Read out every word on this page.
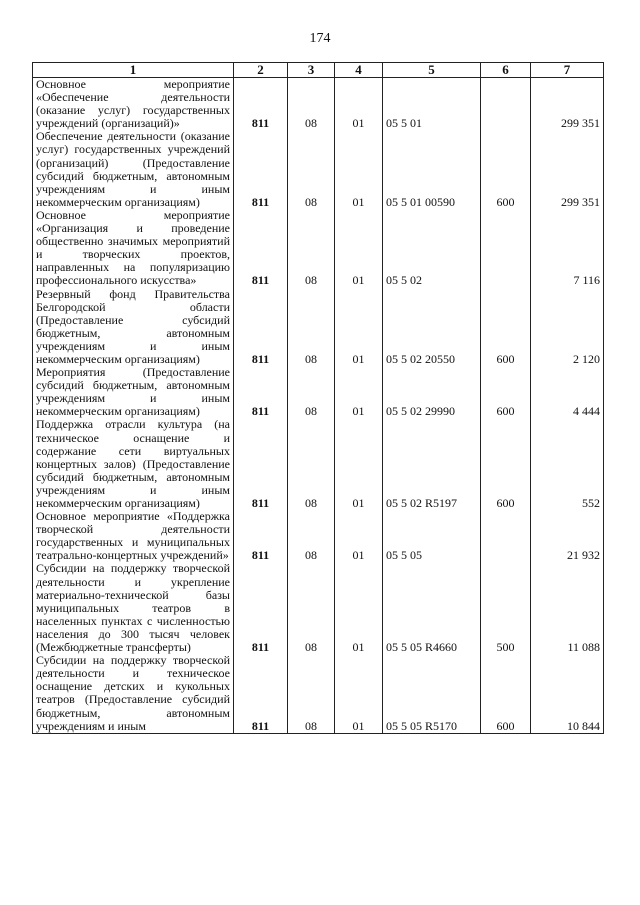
174
1	2	3	4	5	6	7
Основное мероприятие «Обеспечение деятельности (оказание услуг) государственных учреждений (организаций)»	811	08	01	05 5 01		299 351
Обеспечение деятельности (оказание услуг) государственных учреждений (организаций) (Предоставление субсидий бюджетным, автономным учреждениям и иным некоммерческим организациям)	811	08	01	05 5 01 00590	600	299 351
Основное мероприятие «Организация и проведение общественно значимых мероприятий и творческих проектов, направленных на популяризацию профессионального искусства»	811	08	01	05 5 02		7 116
Резервный фонд Правительства Белгородской области (Предоставление субсидий бюджетным, автономным учреждениям и иным некоммерческим организациям)	811	08	01	05 5 02 20550	600	2 120
Мероприятия (Предоставление субсидий бюджетным, автономным учреждениям и иным некоммерческим организациям)	811	08	01	05 5 02 29990	600	4 444
Поддержка отрасли культура (на техническое оснащение и содержание сети виртуальных концертных залов) (Предоставление субсидий бюджетным, автономным учреждениям и иным некоммерческим организациям)	811	08	01	05 5 02 R5197	600	552
Основное мероприятие «Поддержка творческой деятельности государственных и муниципальных театрально-концертных учреждений»	811	08	01	05 5 05		21 932
Субсидии на поддержку творческой деятельности и укрепление материально-технической базы муниципальных театров в населенных пунктах с численностью населения до 300 тысяч человек (Межбюджетные трансферты)	811	08	01	05 5 05 R4660	500	11 088
Субсидии на поддержку творческой деятельности и техническое оснащение детских и кукольных театров (Предоставление субсидий бюджетным, автономным учреждениям и иным	811	08	01	05 5 05 R5170	600	10 844
